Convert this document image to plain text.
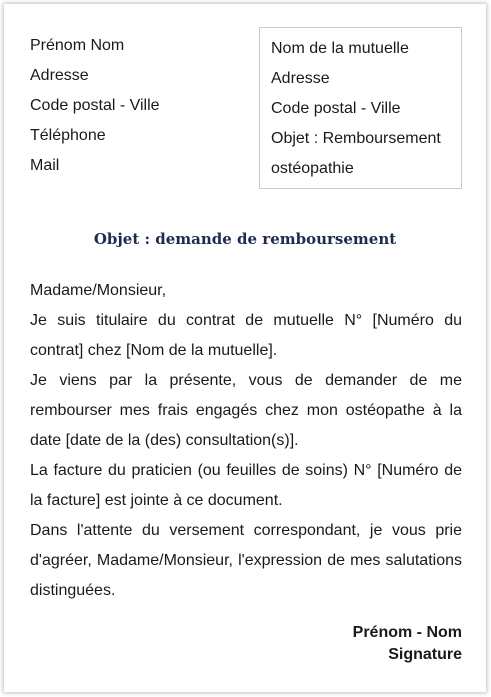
Prénom Nom
Adresse
Code postal - Ville
Téléphone
Mail
Nom de la mutuelle
Adresse
Code postal - Ville
Objet : Remboursement
ostéopathie
Objet : demande de remboursement

Madame/Monsieur,

Je suis titulaire du contrat de mutuelle N° [Numéro du contrat] chez [Nom de la mutuelle].

Je viens par la présente, vous de demander de me rembourser mes frais engagés chez mon ostéopathe à la date [date de la (des) consultation(s)].

La facture du praticien (ou feuilles de soins) N° [Numéro de la facture] est jointe à ce document.

Dans l'attente du versement correspondant, je vous prie d'agréer, Madame/Monsieur, l'expression de mes salutations distinguées.

Prénom - Nom
Signature
